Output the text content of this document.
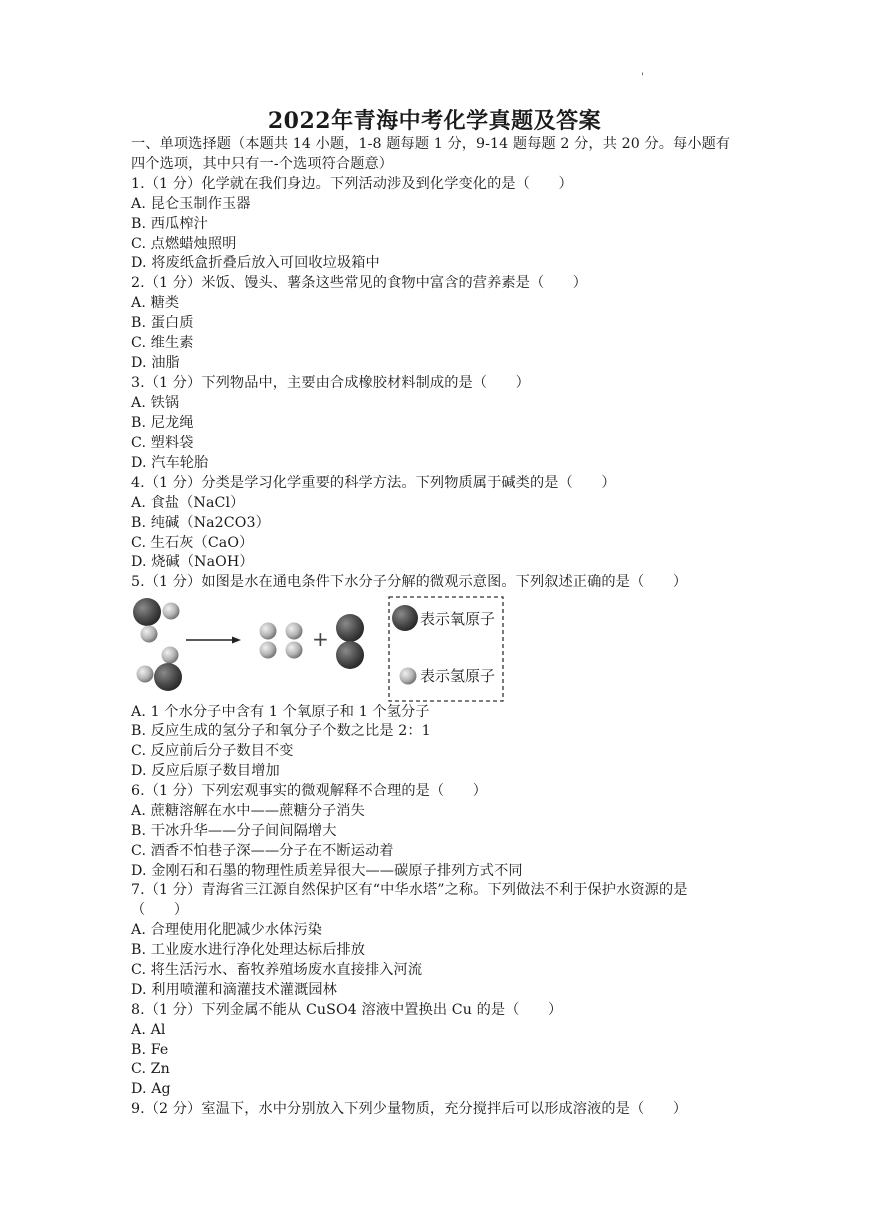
'
2022年青海中考化学真题及答案
一、单项选择题（本题共 14 小题，1-8 题每题 1 分，9-14 题每题 2 分，共 20 分。每小题有
四个选项，其中只有一-个选项符合题意）
1.（1 分）化学就在我们身边。下列活动涉及到化学变化的是（　　）
A. 昆仑玉制作玉器
B. 西瓜榨汁
C. 点燃蜡烛照明
D. 将废纸盒折叠后放入可回收垃圾箱中
2.（1 分）米饭、馒头、薯条这些常见的食物中富含的营养素是（　　）
A. 糖类
B. 蛋白质
C. 维生素
D. 油脂
3.（1 分）下列物品中，主要由合成橡胶材料制成的是（　　）
A. 铁锅
B. 尼龙绳
C. 塑料袋
D. 汽车轮胎
4.（1 分）分类是学习化学重要的科学方法。下列物质属于碱类的是（　　）
A. 食盐（NaCl）
B. 纯碱（Na2CO3）
C. 生石灰（CaO）
D. 烧碱（NaOH）
5.（1 分）如图是水在通电条件下水分子分解的微观示意图。下列叙述正确的是（　　）
+
表示氧原子
表示氢原子
A. 1 个水分子中含有 1 个氧原子和 1 个氢分子
B. 反应生成的氢分子和氧分子个数之比是 2：1
C. 反应前后分子数目不变
D. 反应后原子数目增加
6.（1 分）下列宏观事实的微观解释不合理的是（　　）
A. 蔗糖溶解在水中——蔗糖分子消失
B. 干冰升华——分子间间隔增大
C. 酒香不怕巷子深——分子在不断运动着
D. 金刚石和石墨的物理性质差异很大——碳原子排列方式不同
7.（1 分）青海省三江源自然保护区有“中华水塔”之称。下列做法不利于保护水资源的是
（　　）
A. 合理使用化肥减少水体污染
B. 工业废水进行净化处理达标后排放
C. 将生活污水、畜牧养殖场废水直接排入河流
D. 利用喷灌和滴灌技术灌溉园林
8.（1 分）下列金属不能从 CuSO4 溶液中置换出 Cu 的是（　　）
A. Al
B. Fe
C. Zn
D. Ag
9.（2 分）室温下，水中分别放入下列少量物质，充分搅拌后可以形成溶液的是（　　）
